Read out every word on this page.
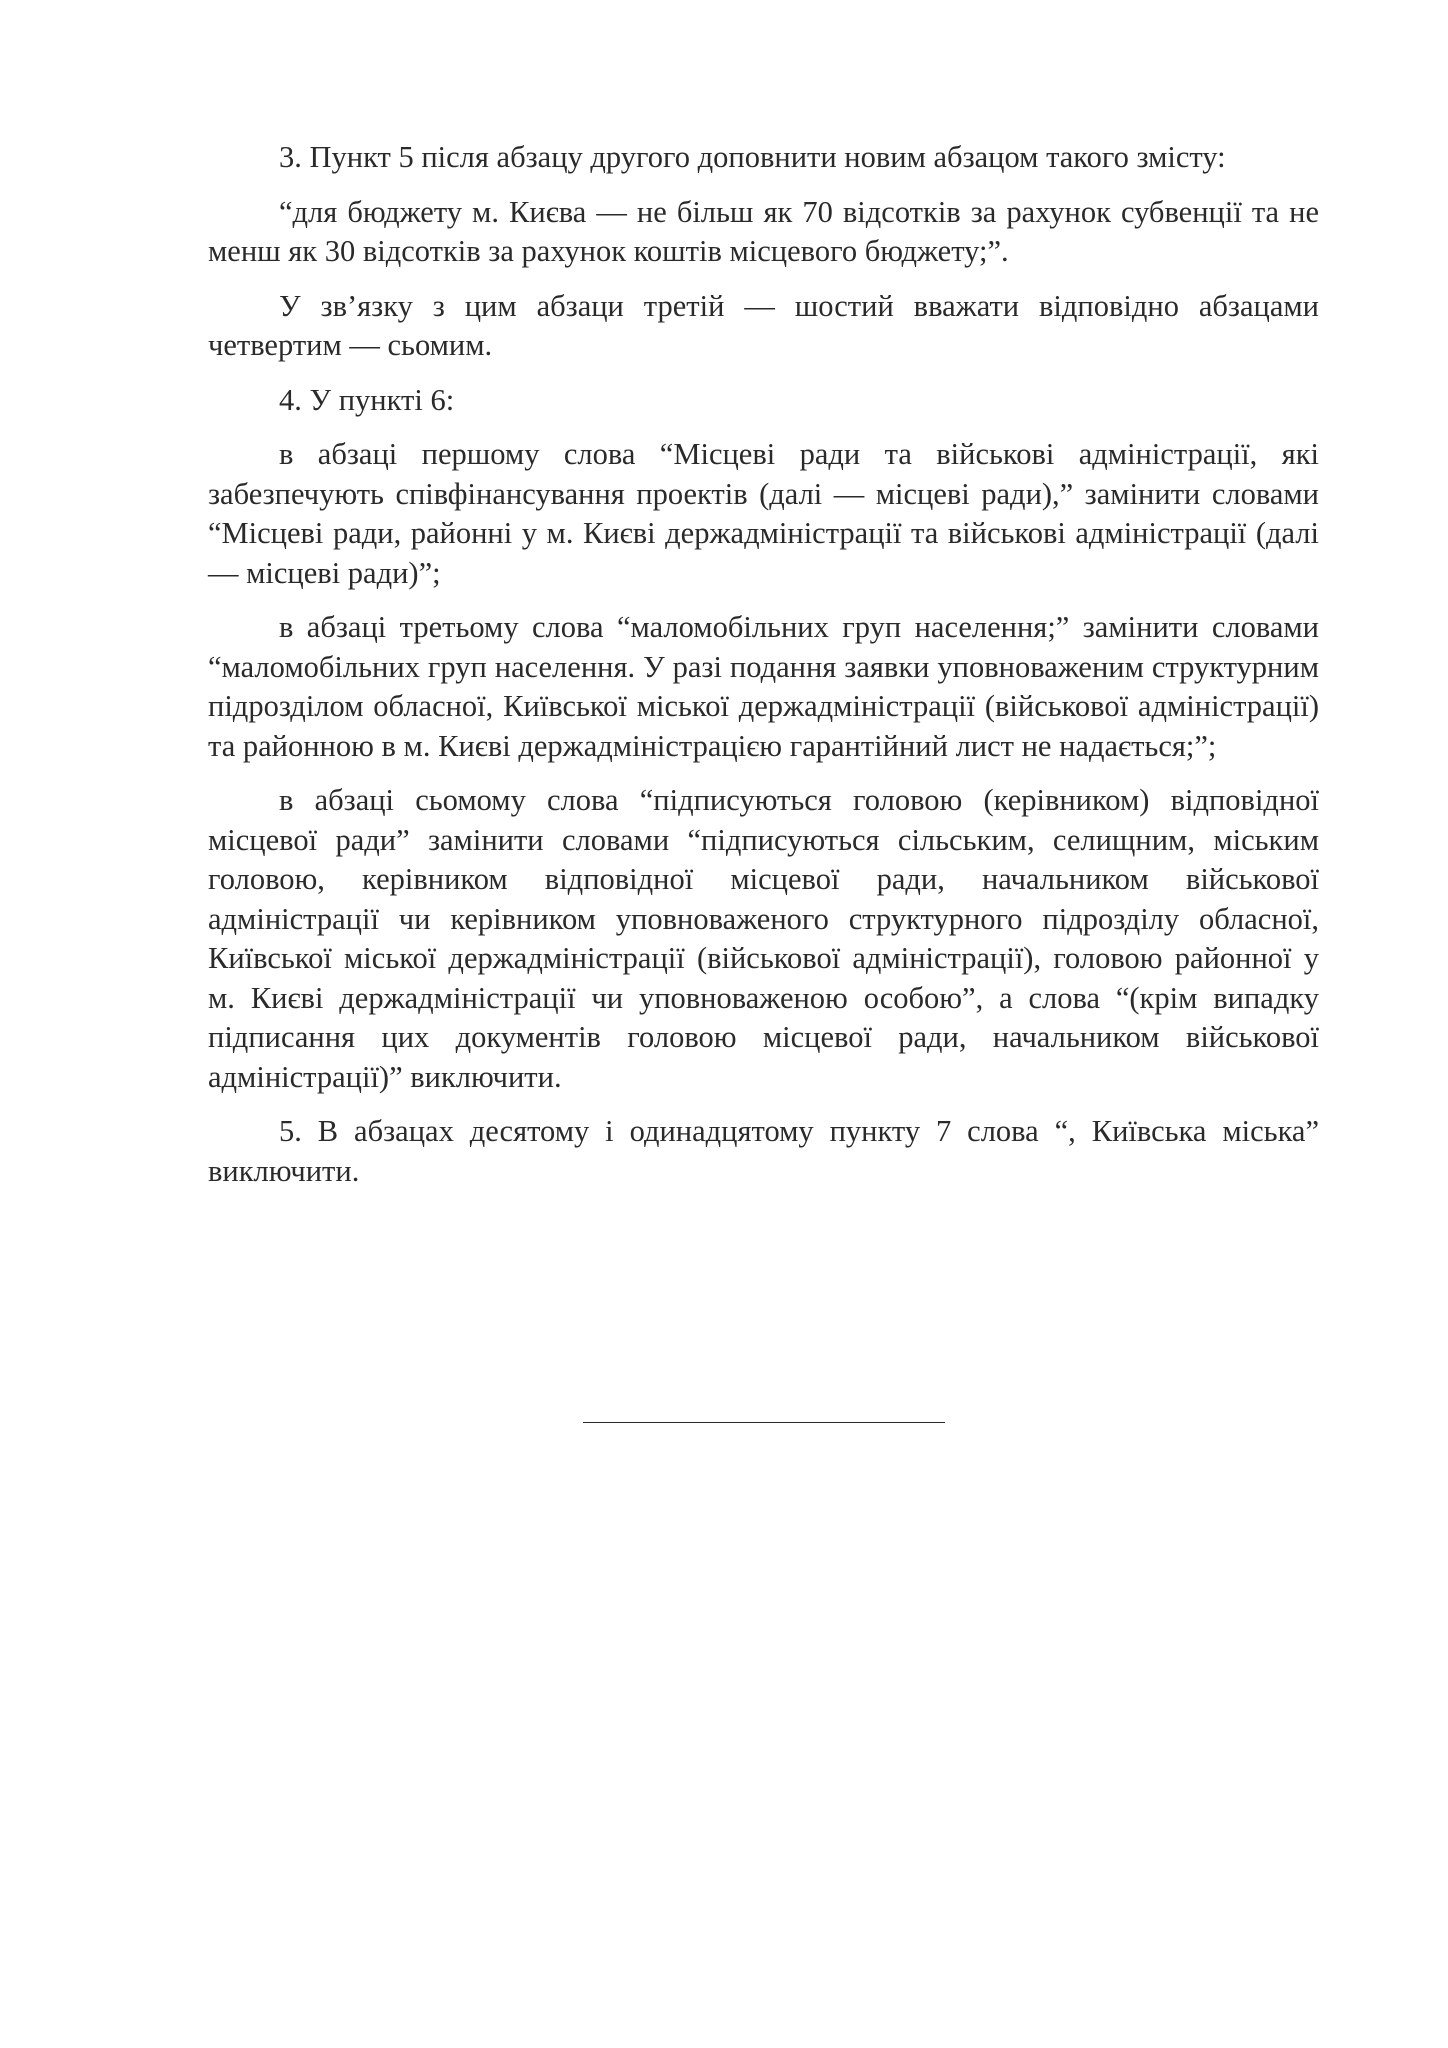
3. Пункт 5 після абзацу другого доповнити новим абзацом такого змісту:

“для бюджету м. Києва — не більш як 70 відсотків за рахунок субвенції та не менш як 30 відсотків за рахунок коштів місцевого бюджету;”.

У зв’язку з цим абзаци третій — шостий вважати відповідно абзацами четвертим — сьомим.

4. У пункті 6:

в абзаці першому слова “Місцеві ради та військові адміністрації, які забезпечують співфінансування проектів (далі — місцеві ради),” замінити словами “Місцеві ради, районні у м. Києві держадміністрації та військові адміністрації (далі — місцеві ради)”;

в абзаці третьому слова “маломобільних груп населення;” замінити словами “маломобільних груп населення. У разі подання заявки уповноваженим структурним підрозділом обласної, Київської міської держадміністрації (військової адміністрації) та районною в м. Києві держадміністрацією гарантійний лист не надається;”;

в абзаці сьомому слова “підписуються головою (керівником) відповідної місцевої ради” замінити словами “підписуються сільським, селищним, міським головою, керівником відповідної місцевої ради, начальником військової адміністрації чи керівником уповноваженого структурного підрозділу обласної, Київської міської держадміністрації (військової адміністрації), головою районної у м. Києві держадміністрації чи уповноваженою особою”, а слова “(крім випадку підписання цих документів головою місцевої ради, начальником військової адміністрації)” виключити.

5. В абзацах десятому і одинадцятому пункту 7 слова “, Київська міська” виключити.
